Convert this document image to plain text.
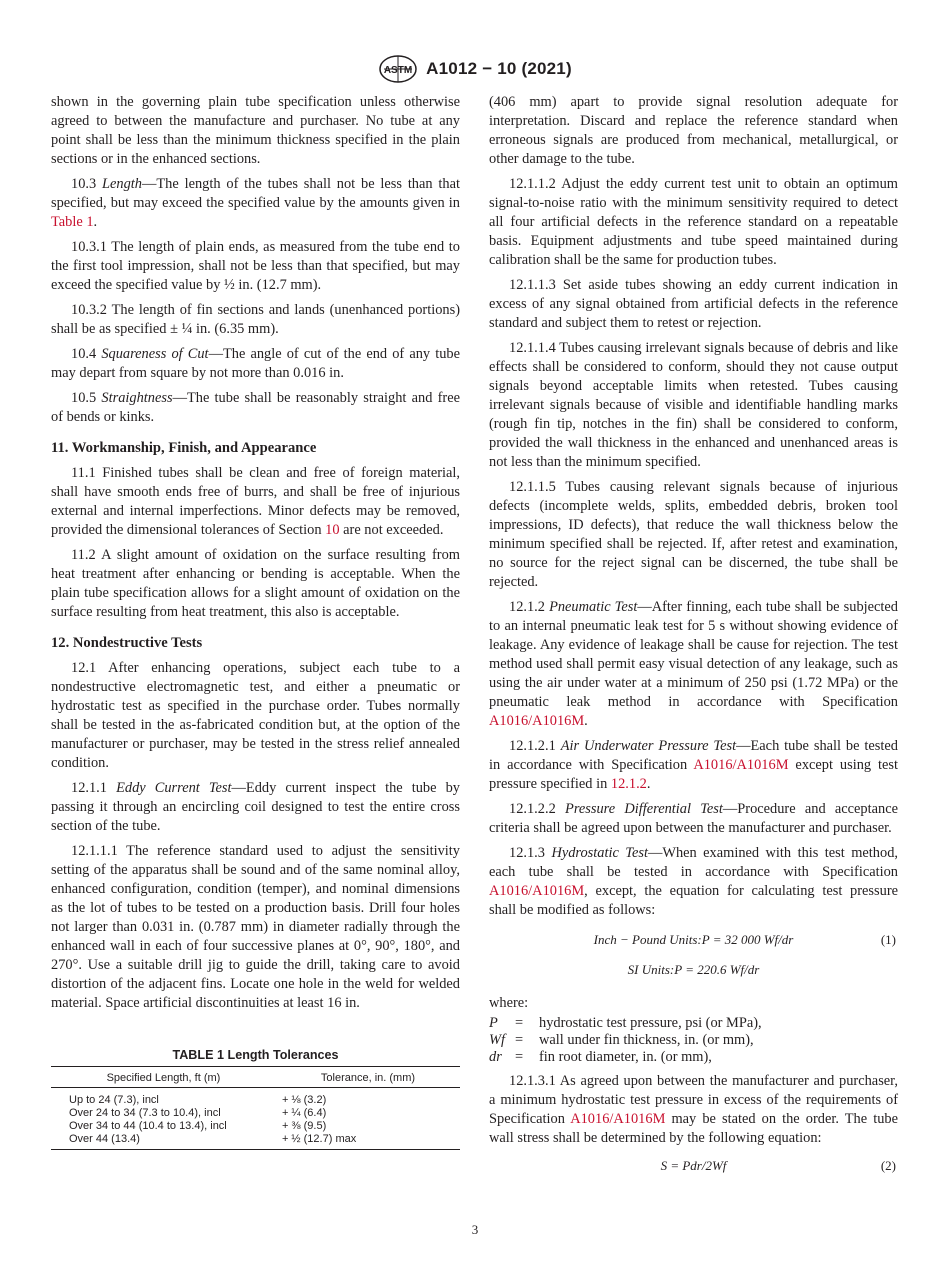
ASTM A1012 − 10 (2021)

shown in the governing plain tube specification unless otherwise agreed to between the manufacture and purchaser. No tube at any point shall be less than the minimum thickness specified in the plain sections or in the enhanced sections.

10.3 Length—The length of the tubes shall not be less than that specified, but may exceed the specified value by the amounts given in Table 1.

10.3.1 The length of plain ends, as measured from the tube end to the first tool impression, shall not be less than that specified, but may exceed the specified value by ½ in. (12.7 mm).

10.3.2 The length of fin sections and lands (unenhanced portions) shall be as specified ± ¼ in. (6.35 mm).

10.4 Squareness of Cut—The angle of cut of the end of any tube may depart from square by not more than 0.016 in.

10.5 Straightness—The tube shall be reasonably straight and free of bends or kinks.

11. Workmanship, Finish, and Appearance

11.1 Finished tubes shall be clean and free of foreign material, shall have smooth ends free of burrs, and shall be free of injurious external and internal imperfections. Minor defects may be removed, provided the dimensional tolerances of Section 10 are not exceeded.

11.2 A slight amount of oxidation on the surface resulting from heat treatment after enhancing or bending is acceptable. When the plain tube specification allows for a slight amount of oxidation on the surface resulting from heat treatment, this also is acceptable.

12. Nondestructive Tests

12.1 After enhancing operations, subject each tube to a nondestructive electromagnetic test, and either a pneumatic or hydrostatic test as specified in the purchase order. Tubes normally shall be tested in the as-fabricated condition but, at the option of the manufacturer or purchaser, may be tested in the stress relief annealed condition.

12.1.1 Eddy Current Test—Eddy current inspect the tube by passing it through an encircling coil designed to test the entire cross section of the tube.

12.1.1.1 The reference standard used to adjust the sensitivity setting of the apparatus shall be sound and of the same nominal alloy, enhanced configuration, condition (temper), and nominal dimensions as the lot of tubes to be tested on a production basis. Drill four holes not larger than 0.031 in. (0.787 mm) in diameter radially through the enhanced wall in each of four successive planes at 0°, 90°, 180°, and 270°. Use a suitable drill jig to guide the drill, taking care to avoid distortion of the adjacent fins. Locate one hole in the weld for welded material. Space artificial discontinuities at least 16 in.

TABLE 1 Length Tolerances
Specified Length, ft (m)	Tolerance, in. (mm)
Up to 24 (7.3), incl	+ ⅛ (3.2)
Over 24 to 34 (7.3 to 10.4), incl	+ ¼ (6.4)
Over 34 to 44 (10.4 to 13.4), incl	+ ⅜ (9.5)
Over 44 (13.4)	+ ½ (12.7) max

(406 mm) apart to provide signal resolution adequate for interpretation. Discard and replace the reference standard when erroneous signals are produced from mechanical, metallurgical, or other damage to the tube.

12.1.1.2 Adjust the eddy current test unit to obtain an optimum signal-to-noise ratio with the minimum sensitivity required to detect all four artificial defects in the reference standard on a repeatable basis. Equipment adjustments and tube speed maintained during calibration shall be the same for production tubes.

12.1.1.3 Set aside tubes showing an eddy current indication in excess of any signal obtained from artificial defects in the reference standard and subject them to retest or rejection.

12.1.1.4 Tubes causing irrelevant signals because of debris and like effects shall be considered to conform, should they not cause output signals beyond acceptable limits when retested. Tubes causing irrelevant signals because of visible and identifiable handling marks (rough fin tip, notches in the fin) shall be considered to conform, provided the wall thickness in the enhanced and unenhanced areas is not less than the minimum specified.

12.1.1.5 Tubes causing relevant signals because of injurious defects (incomplete welds, splits, embedded debris, broken tool impressions, ID defects), that reduce the wall thickness below the minimum specified shall be rejected. If, after retest and examination, no source for the reject signal can be discerned, the tube shall be rejected.

12.1.2 Pneumatic Test—After finning, each tube shall be subjected to an internal pneumatic leak test for 5 s without showing evidence of leakage. Any evidence of leakage shall be cause for rejection. The test method used shall permit easy visual detection of any leakage, such as using the air under water at a minimum of 250 psi (1.72 MPa) or the pneumatic leak method in accordance with Specification A1016/A1016M.

12.1.2.1 Air Underwater Pressure Test—Each tube shall be tested in accordance with Specification A1016/A1016M except using test pressure specified in 12.1.2.

12.1.2.2 Pressure Differential Test—Procedure and acceptance criteria shall be agreed upon between the manufacturer and purchaser.

12.1.3 Hydrostatic Test—When examined with this test method, each tube shall be tested in accordance with Specification A1016/A1016M, except, the equation for calculating test pressure shall be modified as follows:

Inch − Pound Units:P = 32 000 Wf/dr	(1)
SI Units:P = 220.6 Wf/dr

where:

P	=	hydrostatic test pressure, psi (or MPa),
Wf =	wall under fin thickness, in. (or mm),
dr =	fin root diameter, in. (or mm),

12.1.3.1 As agreed upon between the manufacturer and purchaser, a minimum hydrostatic test pressure in excess of the requirements of Specification A1016/A1016M may be stated on the order. The tube wall stress shall be determined by the following equation:

S = Pdr/2Wf	(2)
3
